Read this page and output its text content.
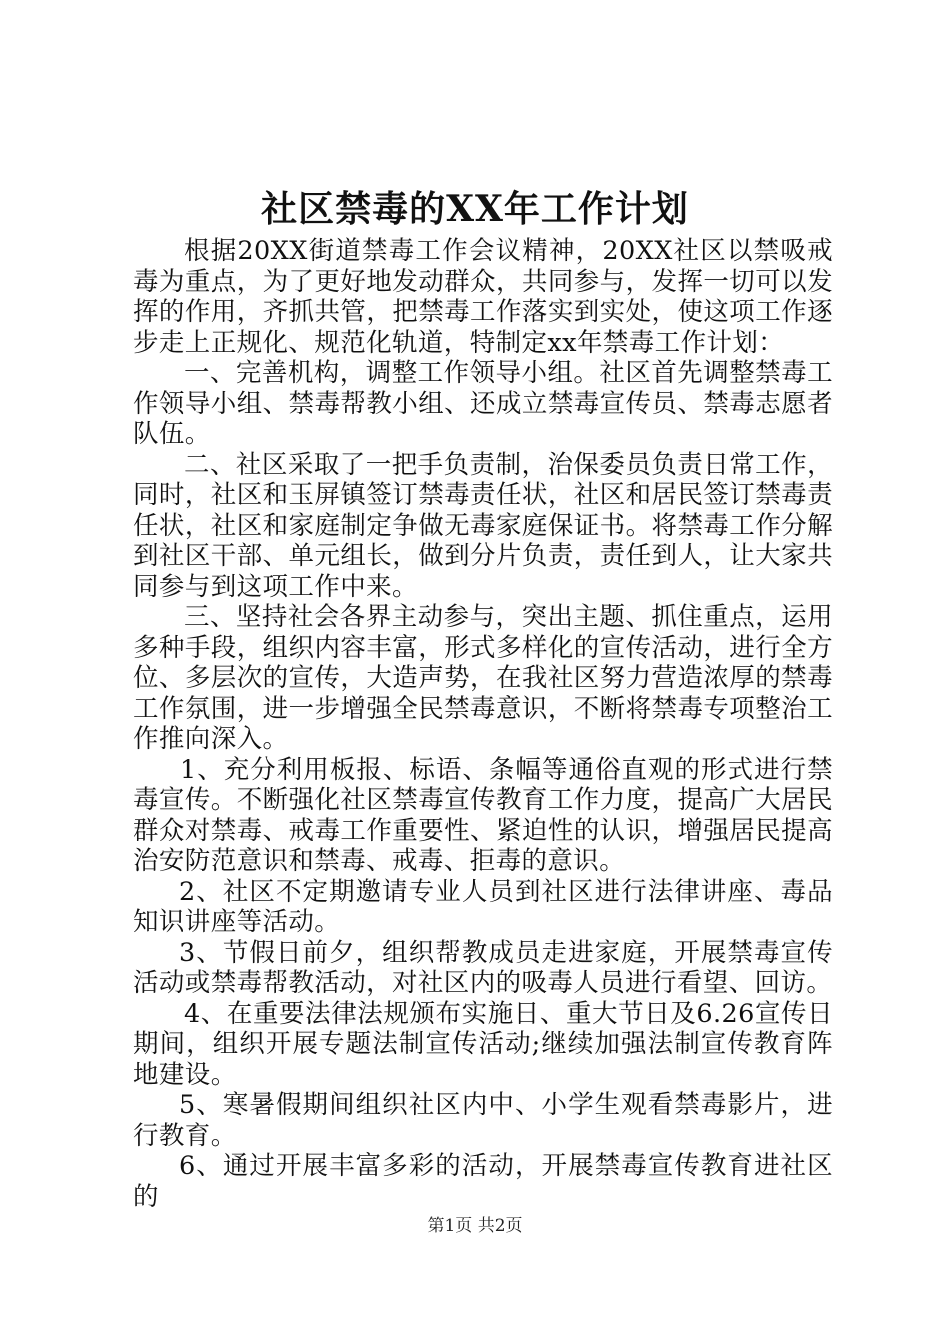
社区禁毒的XX年工作计划

根据20XX街道禁毒工作会议精神，20XX社区以禁吸戒毒为重点，为了更好地发动群众，共同参与，发挥一切可以发挥的作用，齐抓共管，把禁毒工作落实到实处，使这项工作逐步走上正规化、规范化轨道，特制定xx年禁毒工作计划：

一、完善机构，调整工作领导小组。社区首先调整禁毒工作领导小组、禁毒帮教小组、还成立禁毒宣传员、禁毒志愿者队伍。

二、社区采取了一把手负责制，治保委员负责日常工作，同时，社区和玉屏镇签订禁毒责任状，社区和居民签订禁毒责任状，社区和家庭制定争做无毒家庭保证书。将禁毒工作分解到社区干部、单元组长，做到分片负责，责任到人，让大家共同参与到这项工作中来。

三、坚持社会各界主动参与，突出主题、抓住重点，运用多种手段，组织内容丰富，形式多样化的宣传活动，进行全方位、多层次的宣传，大造声势，在我社区努力营造浓厚的禁毒工作氛围，进一步增强全民禁毒意识，不断将禁毒专项整治工作推向深入。

1、充分利用板报、标语、条幅等通俗直观的形式进行禁毒宣传。不断强化社区禁毒宣传教育工作力度，提高广大居民群众对禁毒、戒毒工作重要性、紧迫性的认识，增强居民提高治安防范意识和禁毒、戒毒、拒毒的意识。

2、社区不定期邀请专业人员到社区进行法律讲座、毒品知识讲座等活动。

3、节假日前夕，组织帮教成员走进家庭，开展禁毒宣传活动或禁毒帮教活动，对社区内的吸毒人员进行看望、回访。

4、在重要法律法规颁布实施日、重大节日及6.26宣传日期间，组织开展专题法制宣传活动;继续加强法制宣传教育阵地建设。

5、寒暑假期间组织社区内中、小学生观看禁毒影片，进行教育。

6、通过开展丰富多彩的活动，开展禁毒宣传教育进社区的

第1页 共2页
